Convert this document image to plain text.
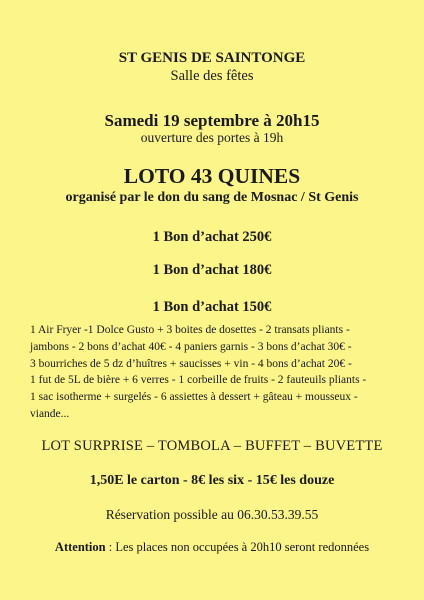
ST GENIS DE SAINTONGE
Salle des fêtes
Samedi 19 septembre à 20h15
ouverture des portes à 19h
LOTO 43 QUINES
organisé par le don du sang de Mosnac / St Genis
1 Bon d’achat 250€
1 Bon d’achat 180€
1 Bon d’achat 150€
1 Air Fryer -1 Dolce Gusto + 3 boites de dosettes - 2 transats pliants -
jambons - 2 bons d’achat 40€ - 4 paniers garnis - 3 bons d’achat 30€ -
3 bourriches de 5 dz d’huîtres + saucisses + vin - 4 bons d’achat 20€ -
1 fut de 5L de bière + 6 verres - 1 corbeille de fruits - 2 fauteuils pliants -
1 sac isotherme + surgelés - 6 assiettes à dessert + gâteau + mousseux -
viande...
LOT SURPRISE – TOMBOLA – BUFFET – BUVETTE
1,50E le carton - 8€ les six - 15€ les douze
Réservation possible au 06.30.53.39.55
Attention : Les places non occupées à 20h10 seront redonnées
